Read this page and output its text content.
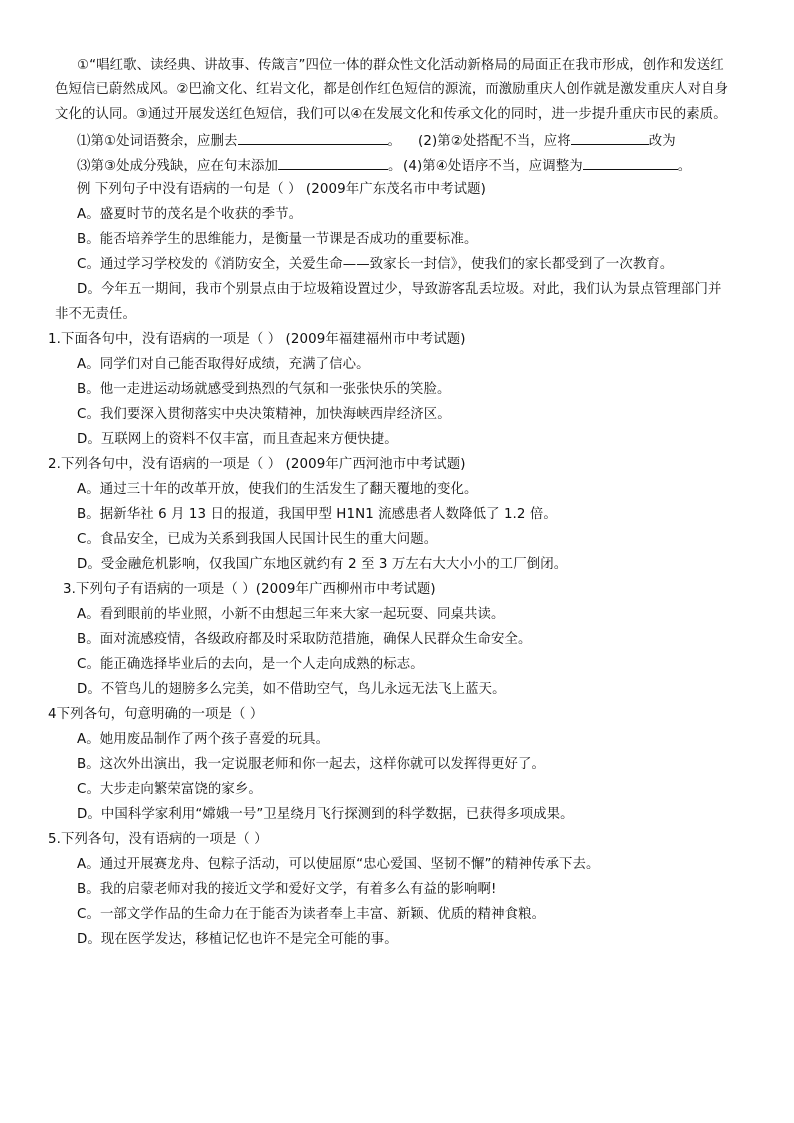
①“唱红歌、读经典、讲故事、传箴言”四位一体的群众性文化活动新格局的局面正在我市形成，创作和发送红
色短信已蔚然成风。②巴渝文化、红岩文化，都是创作红色短信的源流，而激励重庆人创作就是激发重庆人对自身
文化的认同。③通过开展发送红色短信，我们可以④在发展文化和传承文化的同时，进一步提升重庆市民的素质。
⑴第①处词语赘余，应删去	。 (2)第②处搭配不当，应将	改为
⑶第③处成分残缺，应在句末添加	。 (4)第④处语序不当，应调整为	。
例 下列句子中没有语病的一句是（ ） (2009年广东茂名市中考试题)
A。盛夏时节的茂名是个收获的季节。
B。能否培养学生的思维能力，是衡量一节课是否成功的重要标准。
C。通过学习学校发的《消防安全，关爱生命——致家长一封信》，使我们的家长都受到了一次教育。
D。今年五一期间，我市个别景点由于垃圾箱设置过少，导致游客乱丢垃圾。对此，我们认为景点管理部门并
非不无责任。
1.下面各句中，没有语病的一项是（ ） (2009年福建福州市中考试题)
A。同学们对自己能否取得好成绩，充满了信心。
B。他一走进运动场就感受到热烈的气氛和一张张快乐的笑脸。
C。我们要深入贯彻落实中央决策精神，加快海峡西岸经济区。
D。互联网上的资料不仅丰富，而且查起来方便快捷。
2.下列各句中，没有语病的一项是（ ） (2009年广西河池市中考试题)
A。通过三十年的改革开放，使我们的生活发生了翻天覆地的变化。
B。据新华社 6 月 13 日的报道，我国甲型 H1N1 流感患者人数降低了 1.2 倍。
C。食品安全，已成为关系到我国人民国计民生的重大问题。
D。受金融危机影响，仅我国广东地区就约有 2 至 3 万左右大大小小的工厂倒闭。
3.下列句子有语病的一项是（ ）(2009年广西柳州市中考试题)
A。看到眼前的毕业照，小新不由想起三年来大家一起玩耍、同桌共读。
B。面对流感疫情，各级政府都及时采取防范措施，确保人民群众生命安全。
C。能正确选择毕业后的去向，是一个人走向成熟的标志。
D。不管鸟儿的翅膀多么完美，如不借助空气，鸟儿永远无法飞上蓝天。
4下列各句，句意明确的一项是（ ）
A。她用废品制作了两个孩子喜爱的玩具。
B。这次外出演出，我一定说服老师和你一起去，这样你就可以发挥得更好了。
C。大步走向繁荣富饶的家乡。
D。中国科学家利用“嫦娥一号”卫星绕月飞行探测到的科学数据，已获得多项成果。
5.下列各句，没有语病的一项是（ ）
A。通过开展赛龙舟、包粽子活动，可以使屈原“忠心爱国、坚韧不懈”的精神传承下去。
B。我的启蒙老师对我的接近文学和爱好文学，有着多么有益的影响啊!
C。一部文学作品的生命力在于能否为读者奉上丰富、新颖、优质的精神食粮。
D。现在医学发达，移植记忆也许不是完全可能的事。
